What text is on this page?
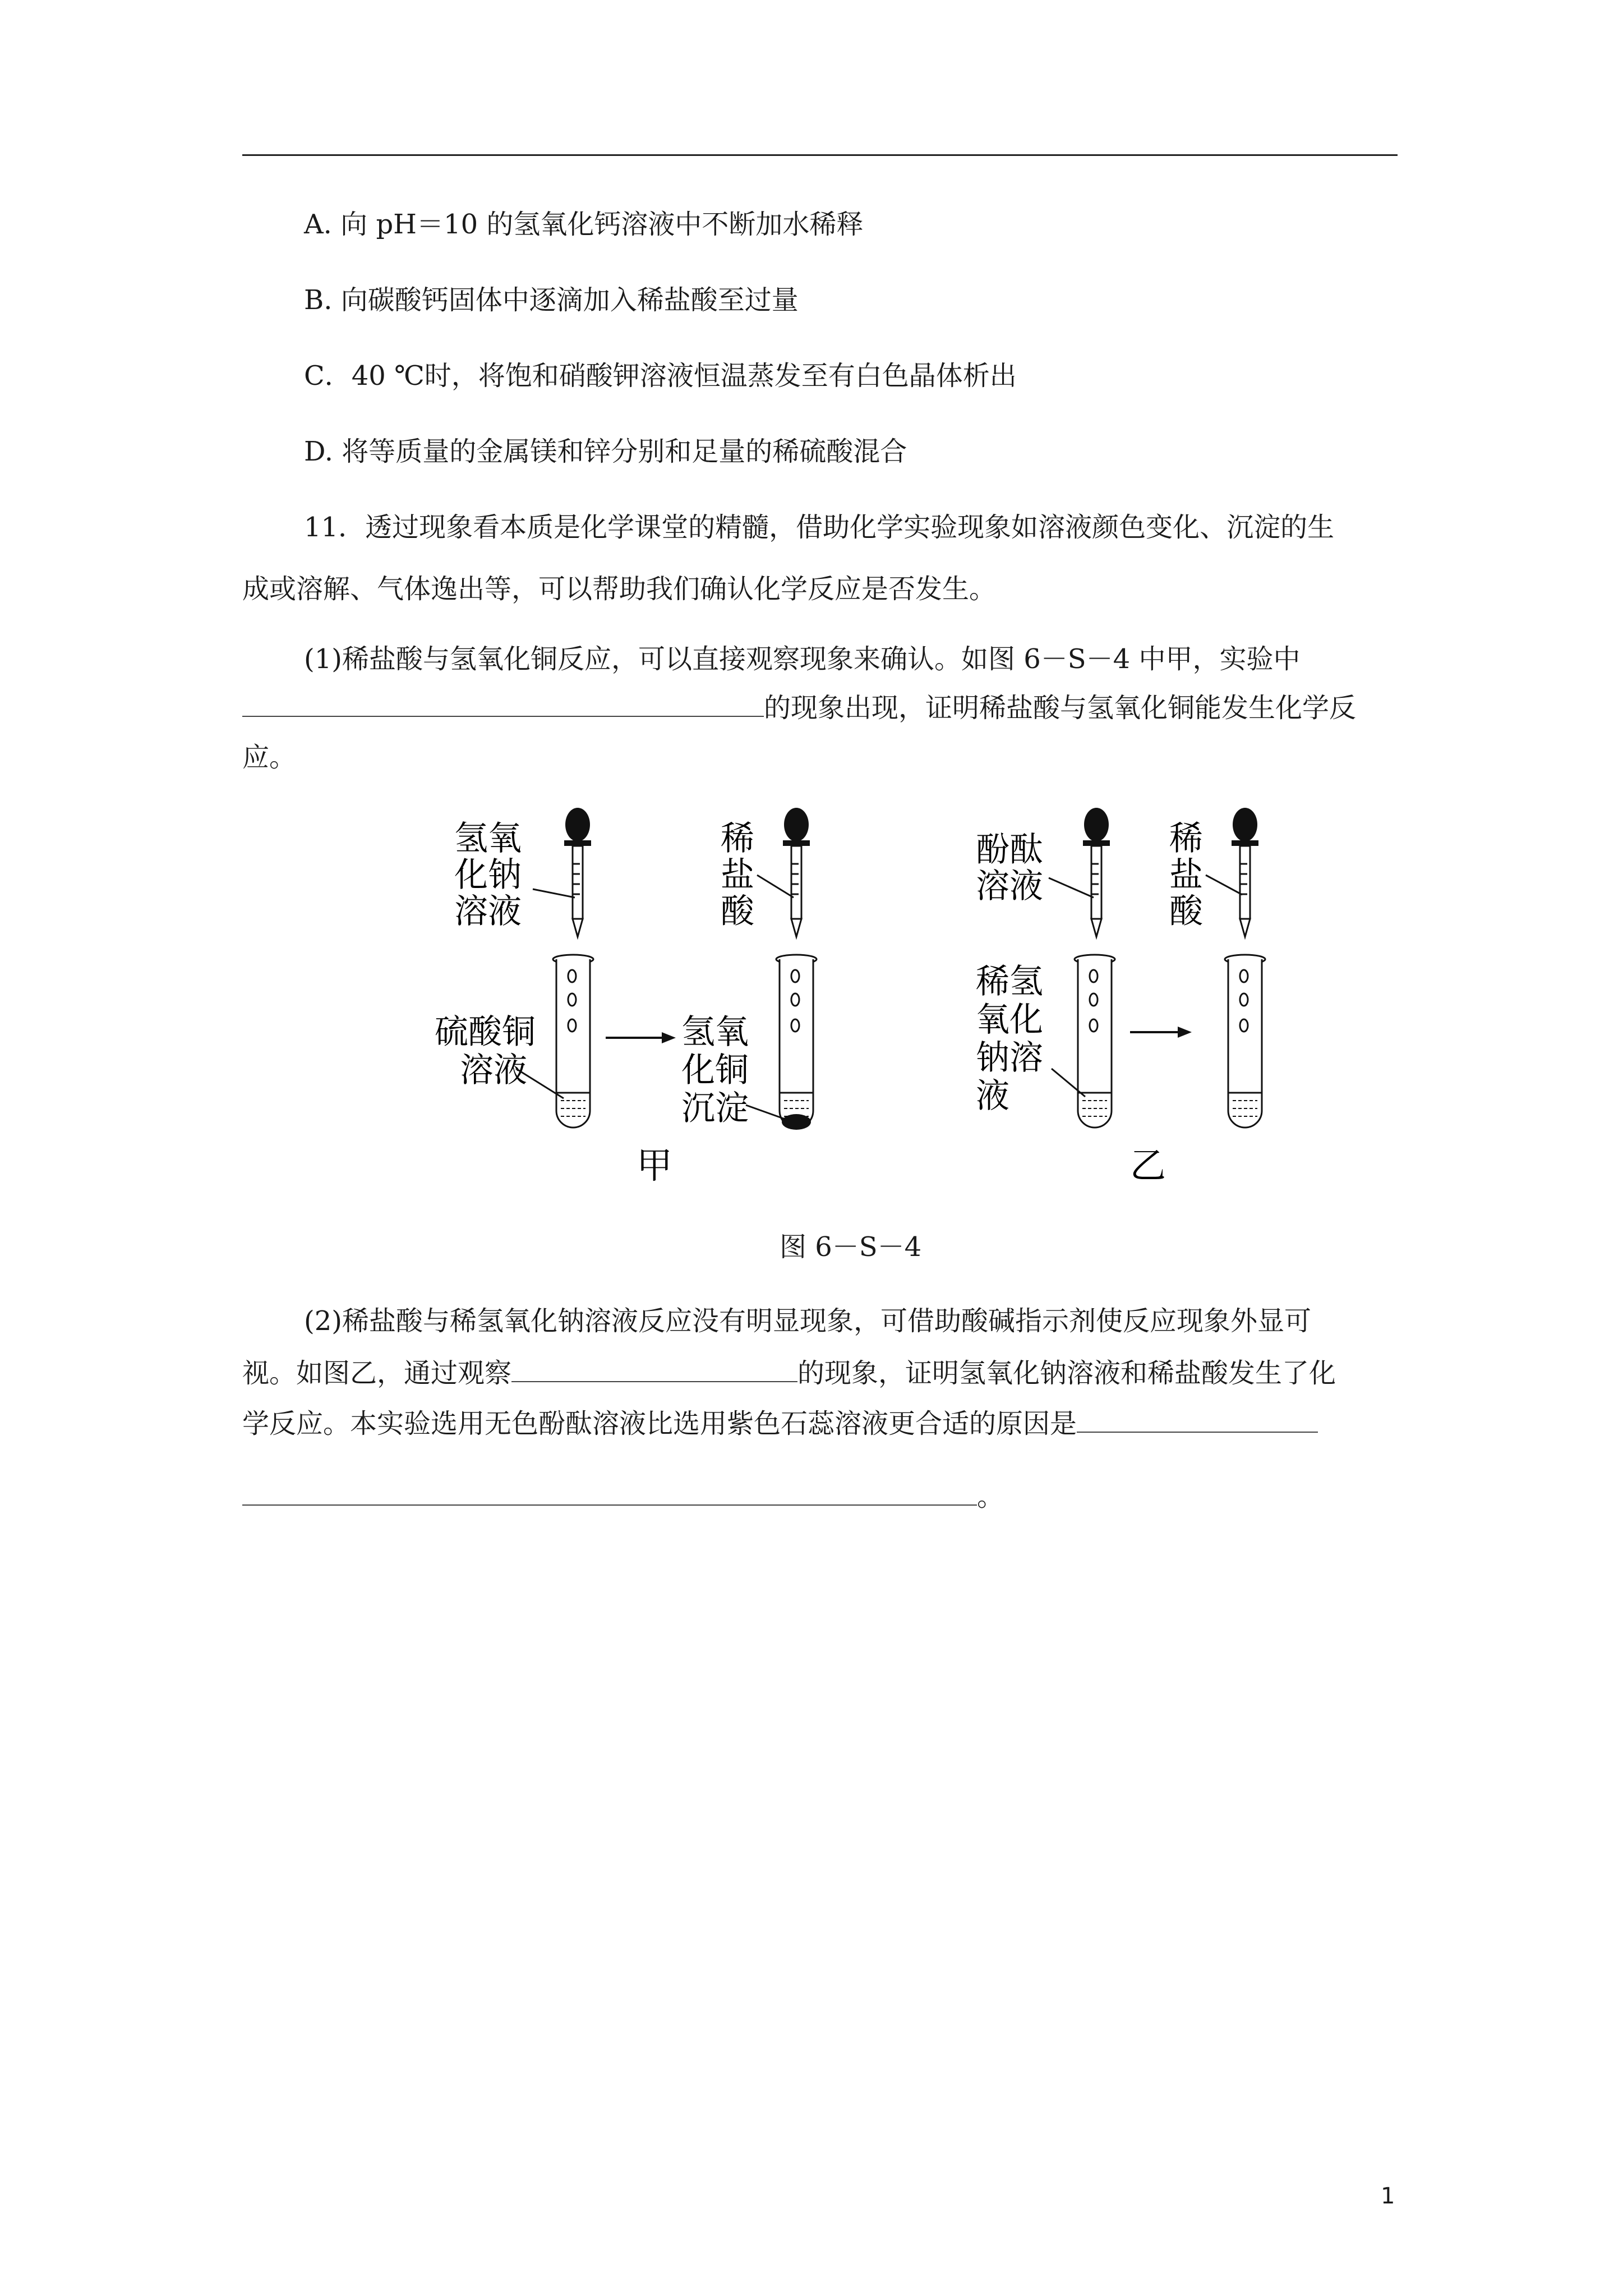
A. 向 pH＝10 的氢氧化钙溶液中不断加水稀释
B. 向碳酸钙固体中逐滴加入稀盐酸至过量
C．40 ℃时，将饱和硝酸钾溶液恒温蒸发至有白色晶体析出
D. 将等质量的金属镁和锌分别和足量的稀硫酸混合
11．透过现象看本质是化学课堂的精髓，借助化学实验现象如溶液颜色变化、沉淀的生
成或溶解、气体逸出等，可以帮助我们确认化学反应是否发生。
(1)稀盐酸与氢氧化铜反应，可以直接观察现象来确认。如图 6－S－4 中甲，实验中
的现象出现，证明稀盐酸与氢氧化铜能发生化学反
应。
氢氧
化钠
溶液
硫酸铜
溶液
稀
盐
酸
氢氧
化铜
沉淀
甲
酚酞
溶液
稀氢
氧化
钠溶
液
稀
盐
酸
乙
图 6－S－4
(2)稀盐酸与稀氢氧化钠溶液反应没有明显现象，可借助酸碱指示剂使反应现象外显可
视。如图乙，通过观察	的现象，证明氢氧化钠溶液和稀盐酸发生了化
学反应。本实验选用无色酚酞溶液比选用紫色石蕊溶液更合适的原因是
。
1
